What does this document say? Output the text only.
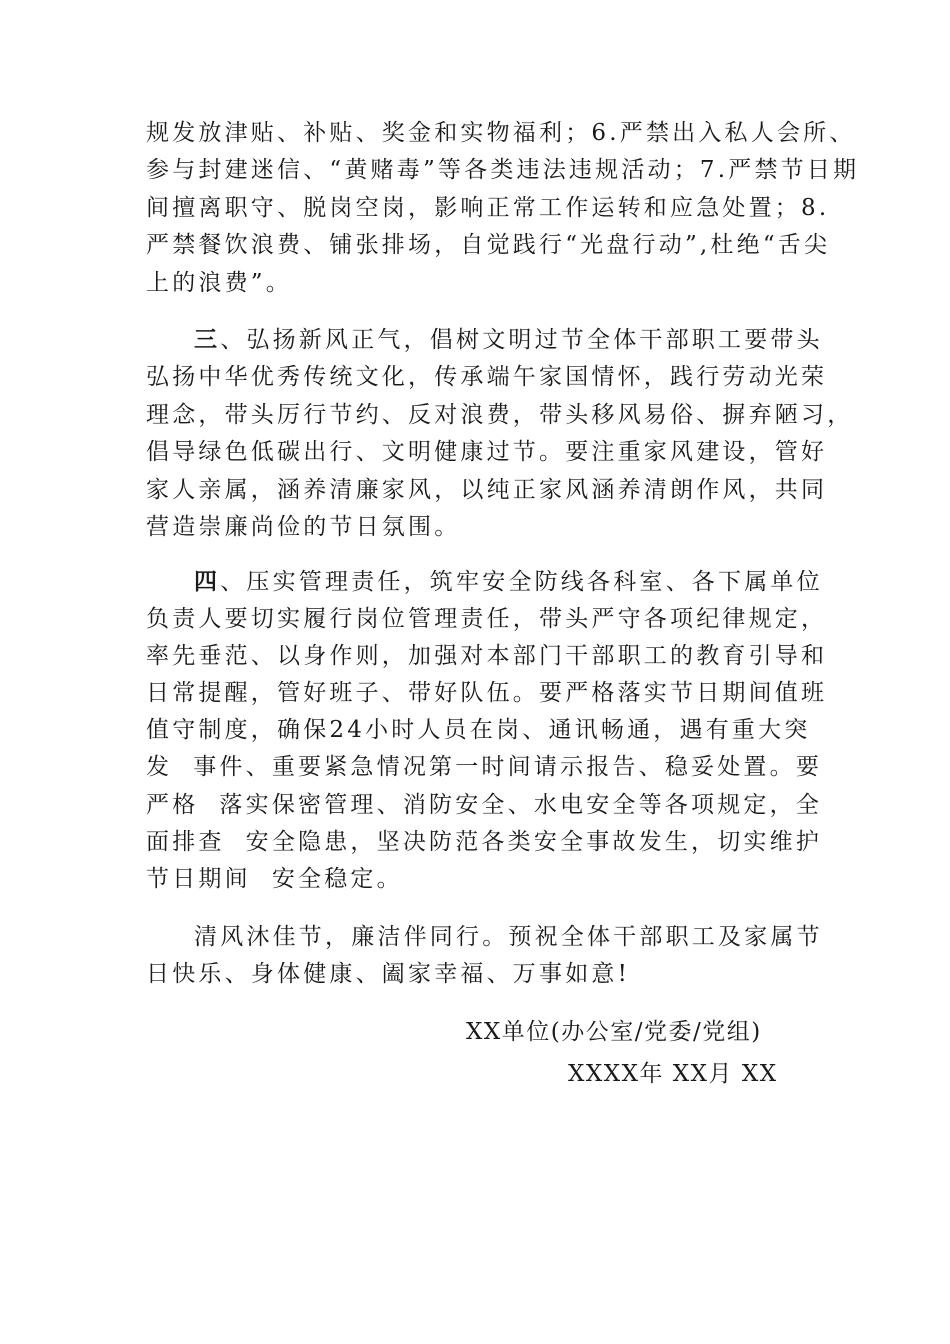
规发放津贴、补贴、奖金和实物福利；6.严禁出入私人会所、
参与封建迷信、“黄赌毒”等各类违法违规活动；7.严禁节日期
间擅离职守、脱岗空岗，影响正常工作运转和应急处置；8.
严禁餐饮浪费、铺张排场，自觉践行“光盘行动”,杜绝“舌尖
上的浪费”。
三、弘扬新风正气，倡树文明过节全体干部职工要带头
弘扬中华优秀传统文化，传承端午家国情怀，践行劳动光荣
理念，带头厉行节约、反对浪费，带头移风易俗、摒弃陋习，
倡导绿色低碳出行、文明健康过节。要注重家风建设，管好
家人亲属，涵养清廉家风，以纯正家风涵养清朗作风，共同
营造崇廉尚俭的节日氛围。
四、压实管理责任，筑牢安全防线各科室、各下属单位
负责人要切实履行岗位管理责任，带头严守各项纪律规定，
率先垂范、以身作则，加强对本部门干部职工的教育引导和
日常提醒，管好班子、带好队伍。要严格落实节日期间值班
值守制度，确保24小时人员在岗、通讯畅通，遇有重大突
发  事件、重要紧急情况第一时间请示报告、稳妥处置。要
严格  落实保密管理、消防安全、水电安全等各项规定，全
面排查  安全隐患，坚决防范各类安全事故发生，切实维护
节日期间  安全稳定。
清风沐佳节，廉洁伴同行。预祝全体干部职工及家属节
日快乐、身体健康、阖家幸福、万事如意!
XX单位(办公室/党委/党组)
XXXX年 XX月 XX
